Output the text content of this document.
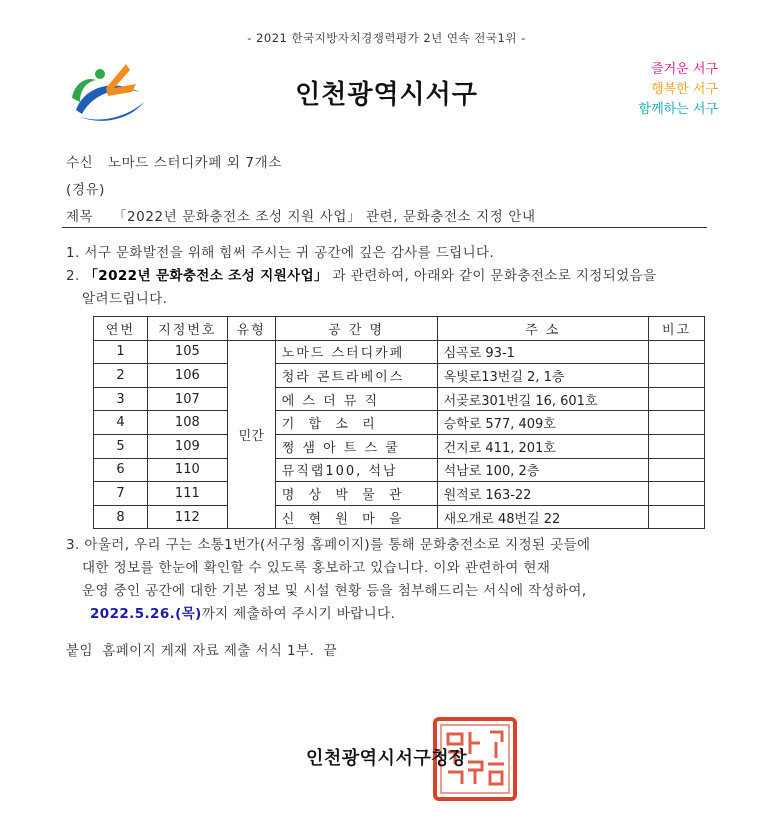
- 2021 한국지방자치경쟁력평가 2년 연속 전국1위 -
인천광역시서구
즐거운 서구
행복한 서구
함께하는 서구
수신 노마드 스터디카페 외 7개소
(경유)
제목 「2022년 문화충전소 조성 지원 사업」 관련, 문화충전소 지정 안내
1. 서구 문화발전을 위해 힘써 주시는 귀 공간에 깊은 감사를 드립니다.
2. 「2022년 문화충전소 조성 지원사업」 과 관련하여, 아래와 같이 문화충전소로 지정되었음을
알려드립니다.
연번	지정번호	유형	공 간 명	주 소	비고
1	105	민간	노마드 스터디카페	심곡로 93-1	
2	106		청라 콘트라베이스	옥빛로13번길 2, 1층	
3	107		에 스 더 뮤 직	서곶로301번길 16, 601호	
4	108		기  합  소  리	승학로 577, 409호	
5	109		쩡 샘 아 트 스 쿨	건지로 411, 201호	
6	110		뮤직랩100, 석남	석남로 100, 2층	
7	111		명  상  박  물  관	원적로 163-22	
8	112		신  현  원  마  을	새오개로 48번길 22	
3. 아울러, 우리 구는 소통1번가(서구청 홈페이지)를 통해 문화충전소로 지정된 곳들에
대한 정보를 한눈에 확인할 수 있도록 홍보하고 있습니다. 이와 관련하여 현재
운영 중인 공간에 대한 기본 정보 및 시설 현황 등을 첨부해드리는 서식에 작성하여,
2022.5.26.(목)까지 제출하여 주시기 바랍니다.
붙임  홈페이지 게재 자료 제출 서식 1부.  끝
인천광역시서구청장
